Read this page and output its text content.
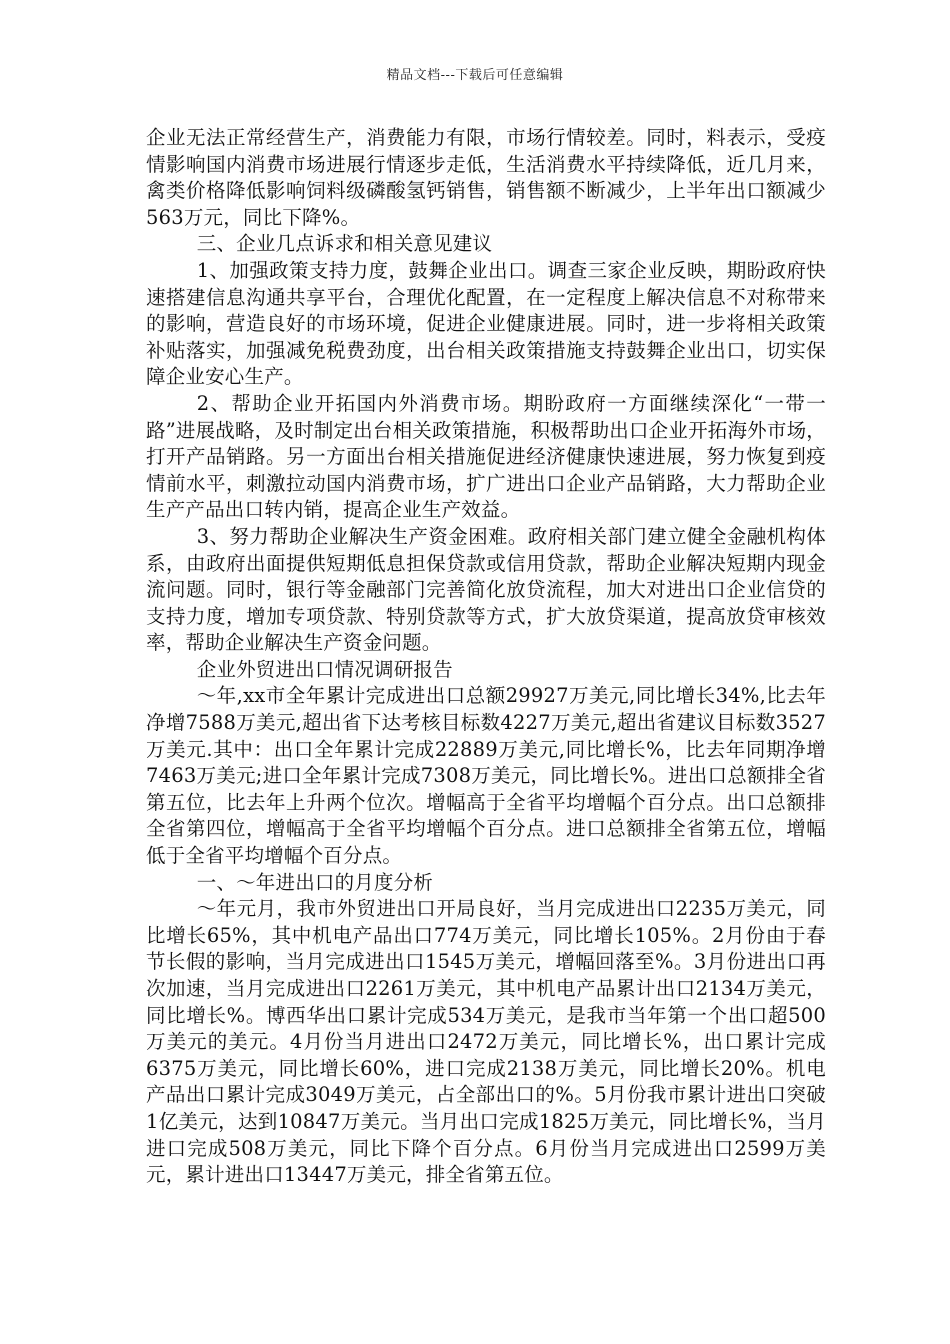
精品文档---下载后可任意编辑

企业无法正常经营生产，消费能力有限，市场行情较差。同时，料表示，受疫情影响国内消费市场进展行情逐步走低，生活消费水平持续降低，近几月来，禽类价格降低影响饲料级磷酸氢钙销售，销售额不断减少，上半年出口额减少563万元，同比下降%。

三、企业几点诉求和相关意见建议

1、加强政策支持力度，鼓舞企业出口。调查三家企业反映，期盼政府快速搭建信息沟通共享平台，合理优化配置，在一定程度上解决信息不对称带来的影响，营造良好的市场环境，促进企业健康进展。同时，进一步将相关政策补贴落实，加强减免税费劲度，出台相关政策措施支持鼓舞企业出口，切实保障企业安心生产。

2、帮助企业开拓国内外消费市场。期盼政府一方面继续深化“一带一路”进展战略，及时制定出台相关政策措施，积极帮助出口企业开拓海外市场，打开产品销路。另一方面出台相关措施促进经济健康快速进展，努力恢复到疫情前水平，刺激拉动国内消费市场，扩广进出口企业产品销路，大力帮助企业生产产品出口转内销，提高企业生产效益。

3、努力帮助企业解决生产资金困难。政府相关部门建立健全金融机构体系，由政府出面提供短期低息担保贷款或信用贷款，帮助企业解决短期内现金流问题。同时，银行等金融部门完善简化放贷流程，加大对进出口企业信贷的支持力度，增加专项贷款、特别贷款等方式，扩大放贷渠道，提高放贷审核效率，帮助企业解决生产资金问题。

企业外贸进出口情况调研报告

～年,xx市全年累计完成进出口总额29927万美元,同比增长34%,比去年净增7588万美元,超出省下达考核目标数4227万美元,超出省建议目标数3527万美元.其中：出口全年累计完成22889万美元,同比增长%，比去年同期净增7463万美元;进口全年累计完成7308万美元，同比增长%。进出口总额排全省第五位，比去年上升两个位次。增幅高于全省平均增幅个百分点。出口总额排全省第四位，增幅高于全省平均增幅个百分点。进口总额排全省第五位，增幅低于全省平均增幅个百分点。

一、～年进出口的月度分析

～年元月，我市外贸进出口开局良好，当月完成进出口2235万美元，同比增长65%，其中机电产品出口774万美元，同比增长105%。2月份由于春节长假的影响，当月完成进出口1545万美元，增幅回落至%。3月份进出口再次加速，当月完成进出口2261万美元，其中机电产品累计出口2134万美元，同比增长%。博西华出口累计完成534万美元，是我市当年第一个出口超500万美元的美元。4月份当月进出口2472万美元，同比增长%，出口累计完成6375万美元，同比增长60%，进口完成2138万美元，同比增长20%。机电产品出口累计完成3049万美元，占全部出口的%。5月份我市累计进出口突破1亿美元，达到10847万美元。当月出口完成1825万美元，同比增长%，当月进口完成508万美元，同比下降个百分点。6月份当月完成进出口2599万美元，累计进出口13447万美元，排全省第五位。
